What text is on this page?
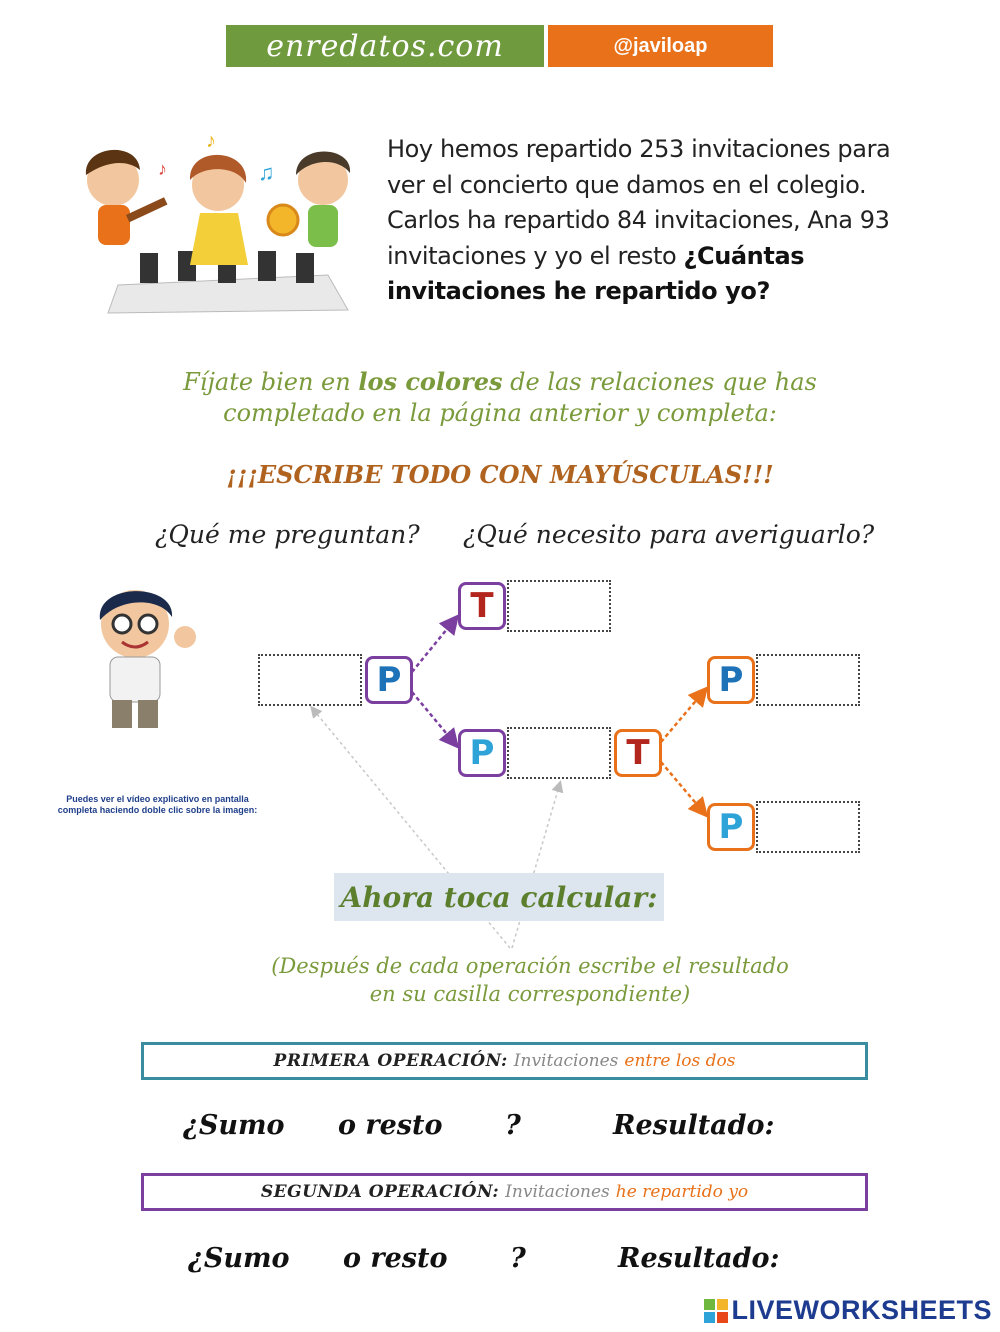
enredatos.com	@javiloap
♪
♫
♪
Hoy hemos repartido 253 invitaciones para
ver el concierto que damos en el colegio.
Carlos ha repartido 84 invitaciones, Ana 93
invitaciones y yo el resto ¿Cuántas
invitaciones he repartido yo?
Fíjate bien en los colores de las relaciones que has
completado en la página anterior y completa:
¡¡¡ESCRIBE TODO CON MAYÚSCULAS!!!
¿Qué me preguntan? ¿Qué necesito para averiguarlo?
Puedes ver el vídeo explicativo en pantalla completa haciendo doble clic sobre la imagen:
P
T
P	T
P
P
Ahora toca calcular:
(Después de cada operación escribe el resultado
en su casilla correspondiente)
PRIMERA OPERACIÓN: Invitaciones entre los dos
¿Sumo o resto ?	Resultado:
SEGUNDA OPERACIÓN: Invitaciones he repartido yo
¿Sumo o resto ?	Resultado:
LIVEWORKSHEETS
